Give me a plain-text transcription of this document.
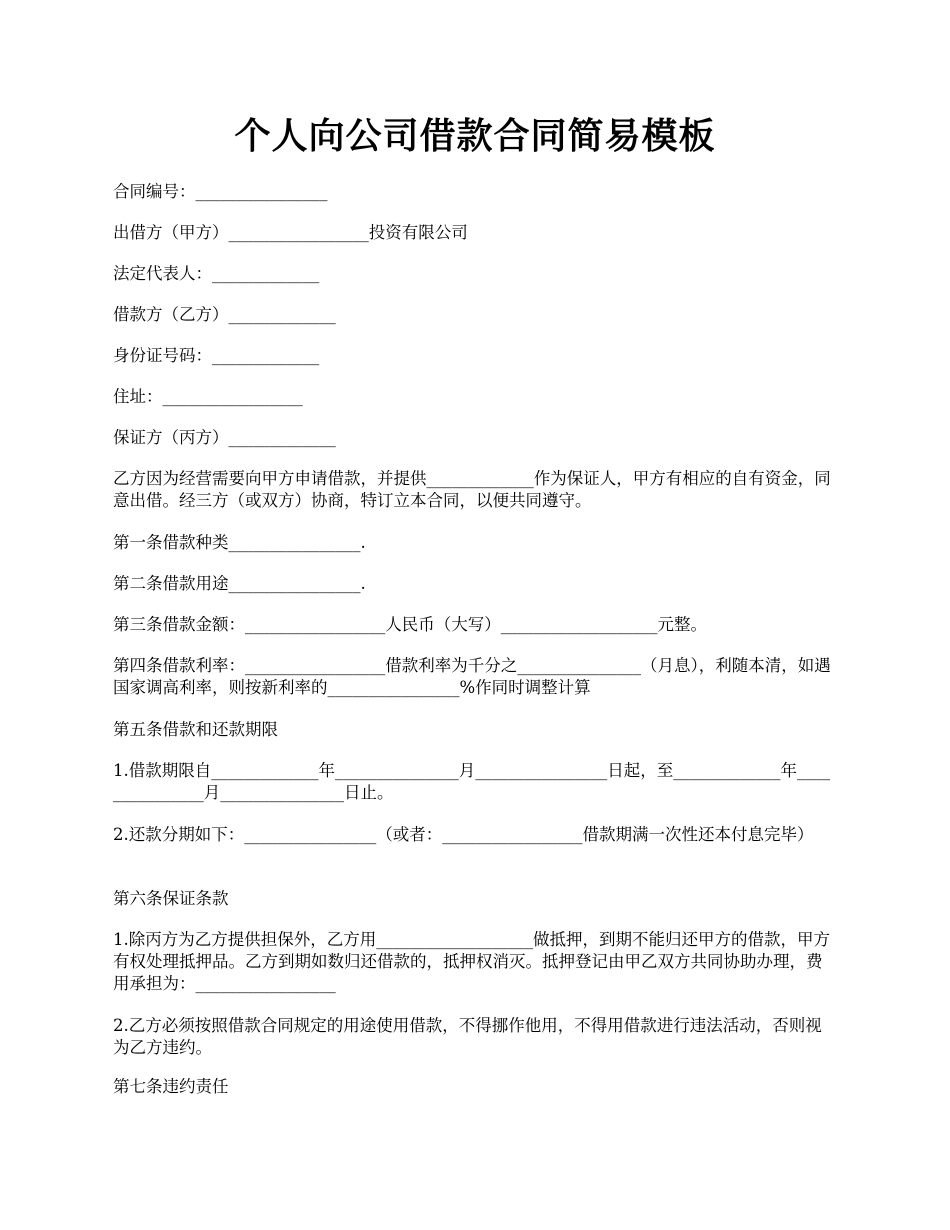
个人向公司借款合同简易模板
合同编号：________________
出借方（甲方）_________________投资有限公司
法定代表人：_____________
借款方（乙方）_____________
身份证号码：_____________
住址：_________________
保证方（丙方）_____________
乙方因为经营需要向甲方申请借款，并提供_____________作为保证人，甲方有相应的自有资金，同意出借。经三方（或双方）协商，特订立本合同，以便共同遵守。
第一条借款种类________________.
第二条借款用途________________.
第三条借款金额：_________________人民币（大写）___________________元整。
第四条借款利率：_________________借款利率为千分之_______________（月息），利随本清，如遇国家调高利率，则按新利率的________________%作同时调整计算
第五条借款和还款期限
1.借款期限自_____________年_______________月________________日起，至_____________年_______________月_______________日止。
2.还款分期如下：________________（或者：_________________借款期满一次性还本付息完毕）
第六条保证条款
1.除丙方为乙方提供担保外，乙方用___________________做抵押，到期不能归还甲方的借款，甲方有权处理抵押品。乙方到期如数归还借款的，抵押权消灭。抵押登记由甲乙双方共同协助办理，费用承担为：_________________
2.乙方必须按照借款合同规定的用途使用借款，不得挪作他用，不得用借款进行违法活动，否则视为乙方违约。
第七条违约责任
